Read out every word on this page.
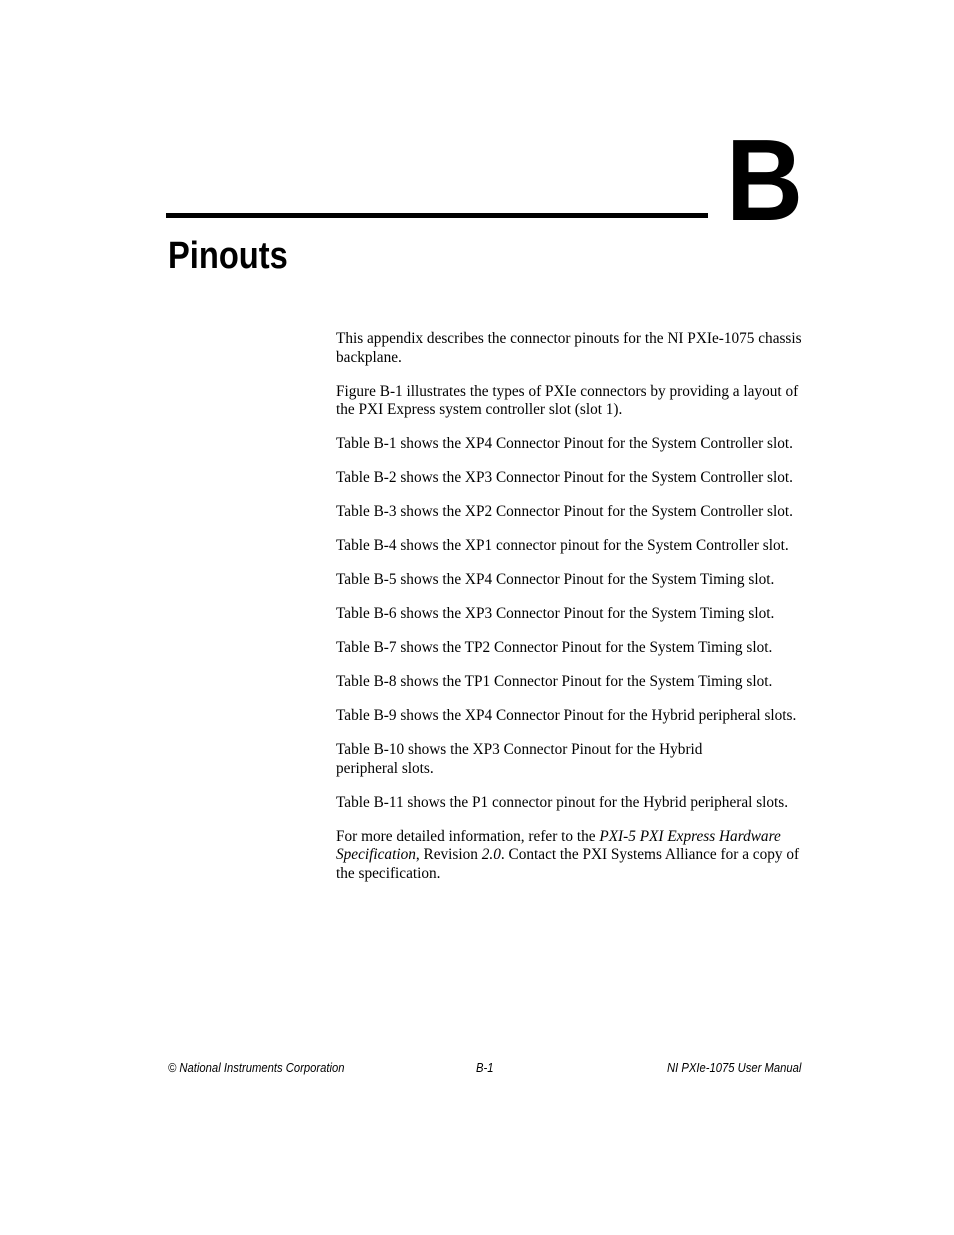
B
Pinouts

This appendix describes the connector pinouts for the NI PXIe-1075 chassis backplane.

Figure B-1 illustrates the types of PXIe connectors by providing a layout of the PXI Express system controller slot (slot 1).

Table B-1 shows the XP4 Connector Pinout for the System Controller slot.

Table B-2 shows the XP3 Connector Pinout for the System Controller slot.

Table B-3 shows the XP2 Connector Pinout for the System Controller slot.

Table B-4 shows the XP1 connector pinout for the System Controller slot.

Table B-5 shows the XP4 Connector Pinout for the System Timing slot.

Table B-6 shows the XP3 Connector Pinout for the System Timing slot.

Table B-7 shows the TP2 Connector Pinout for the System Timing slot.

Table B-8 shows the TP1 Connector Pinout for the System Timing slot.

Table B-9 shows the XP4 Connector Pinout for the Hybrid peripheral slots.

Table B-10 shows the XP3 Connector Pinout for the Hybrid
peripheral slots.

Table B-11 shows the P1 connector pinout for the Hybrid peripheral slots.

For more detailed information, refer to the PXI-5 PXI Express Hardware Specification, Revision 2.0. Contact the PXI Systems Alliance for a copy of the specification.

© National Instruments Corporation	B-1	NI PXIe-1075 User Manual
